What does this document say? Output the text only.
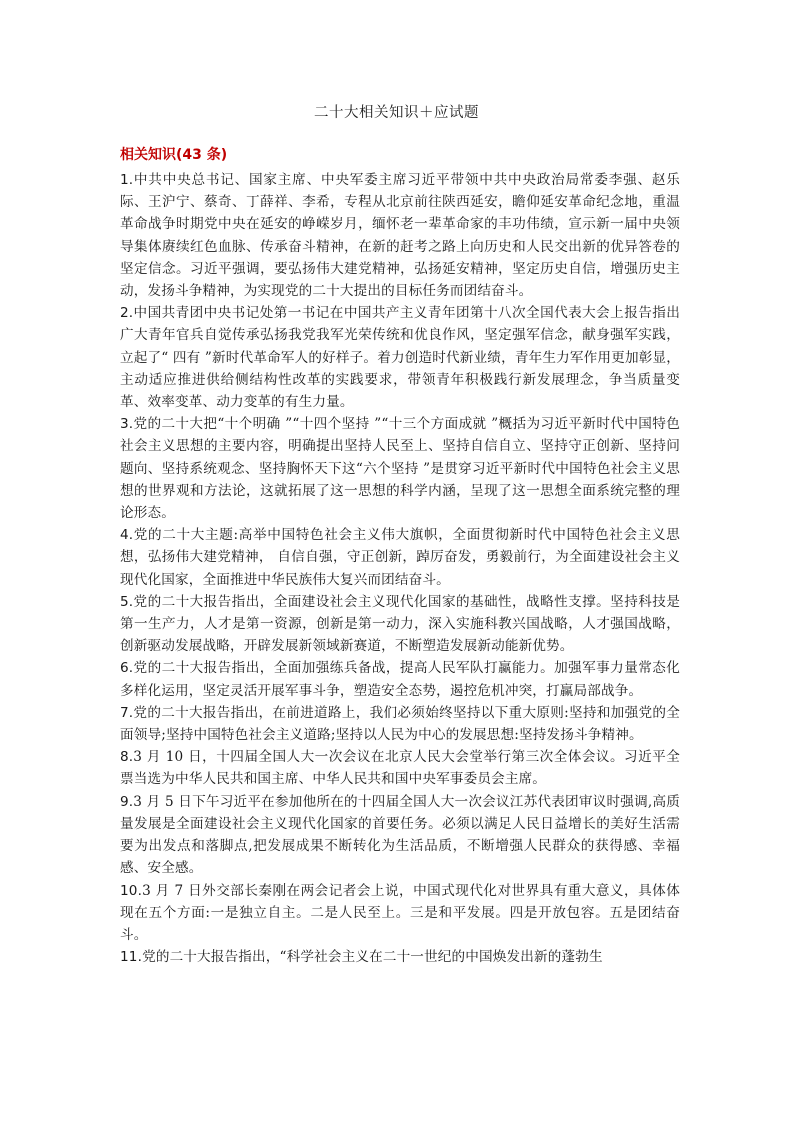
二十大相关知识＋应试题
相关知识(43 条)

1.中共中央总书记、国家主席、中央军委主席习近平带领中共中央政治局常委李强、赵乐际、王沪宁、蔡奇、丁薛祥、李希，专程从北京前往陕西延安，瞻仰延安革命纪念地，重温革命战争时期党中央在延安的峥嵘岁月，缅怀老一辈革命家的丰功伟绩，宣示新一届中央领导集体赓续红色血脉、传承奋斗精神，在新的赶考之路上向历史和人民交出新的优异答卷的坚定信念。习近平强调，要弘扬伟大建党精神，弘扬延安精神，坚定历史自信，增强历史主动，发扬斗争精神，为实现党的二十大提出的目标任务而团结奋斗。

2.中国共青团中央书记处第一书记在中国共产主义青年团第十八次全国代表大会上报告指出广大青年官兵自觉传承弘扬我党我军光荣传统和优良作风，坚定强军信念，献身强军实践，立起了“ 四有 ”新时代革命军人的好样子。着力创造时代新业绩，青年生力军作用更加彰显，主动适应推进供给侧结构性改革的实践要求，带领青年积极践行新发展理念，争当质量变革、效率变革、动力变革的有生力量。

3.党的二十大把“十个明确 ”“十四个坚持 ”“十三个方面成就 ”概括为习近平新时代中国特色社会主义思想的主要内容，明确提出坚持人民至上、坚持自信自立、坚持守正创新、坚持问题向、坚持系统观念、坚持胸怀天下这“六个坚持 ”是贯穿习近平新时代中国特色社会主义思想的世界观和方法论，这就拓展了这一思想的科学内涵，呈现了这一思想全面系统完整的理论形态。

4.党的二十大主题:高举中国特色社会主义伟大旗帜，全面贯彻新时代中国特色社会主义思想，弘扬伟大建党精神， 自信自强，守正创新，踔厉奋发，勇毅前行，为全面建设社会主义现代化国家，全面推进中华民族伟大复兴而团结奋斗。

5.党的二十大报告指出，全面建设社会主义现代化国家的基础性，战略性支撑。坚持科技是第一生产力，人才是第一资源，创新是第一动力，深入实施科教兴国战略，人才强国战略，创新驱动发展战略，开辟发展新领域新赛道，不断塑造发展新动能新优势。

6.党的二十大报告指出，全面加强练兵备战，提高人民军队打赢能力。加强军事力量常态化多样化运用，坚定灵活开展军事斗争，塑造安全态势，遏控危机冲突，打赢局部战争。

7.党的二十大报告指出，在前进道路上，我们必须始终坚持以下重大原则:坚持和加强党的全面领导;坚持中国特色社会主义道路;坚持以人民为中心的发展思想:坚持发扬斗争精神。

8.3 月 10 日，十四届全国人大一次会议在北京人民大会堂举行第三次全体会议。习近平全票当选为中华人民共和国主席、中华人民共和国中央军事委员会主席。

9.3 月 5 日下午习近平在参加他所在的十四届全国人大一次会议江苏代表团审议时强调,高质量发展是全面建设社会主义现代化国家的首要任务。必须以满足人民日益增长的美好生活需要为出发点和落脚点,把发展成果不断转化为生活品质，不断增强人民群众的获得感、幸福感、安全感。

10.3 月 7 日外交部长秦刚在两会记者会上说，中国式现代化对世界具有重大意义，具体体现在五个方面:一是独立自主。二是人民至上。三是和平发展。四是开放包容。五是团结奋斗。

11.党的二十大报告指出，“科学社会主义在二十一世纪的中国焕发出新的蓬勃生
